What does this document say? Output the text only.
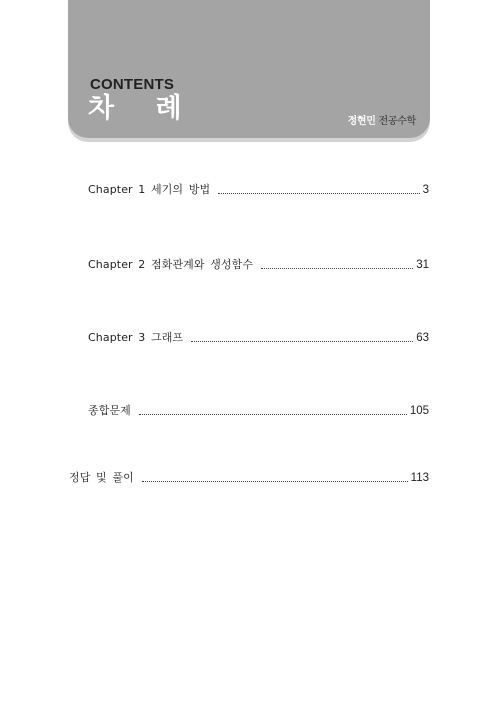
CONTENTS
차 례	정현민 전공수학
Chapter 1 세기의 방법	3
Chapter 2 점화관계와 생성함수	31
Chapter 3 그래프	63
종합문제	105
정답 및 풀이	113
